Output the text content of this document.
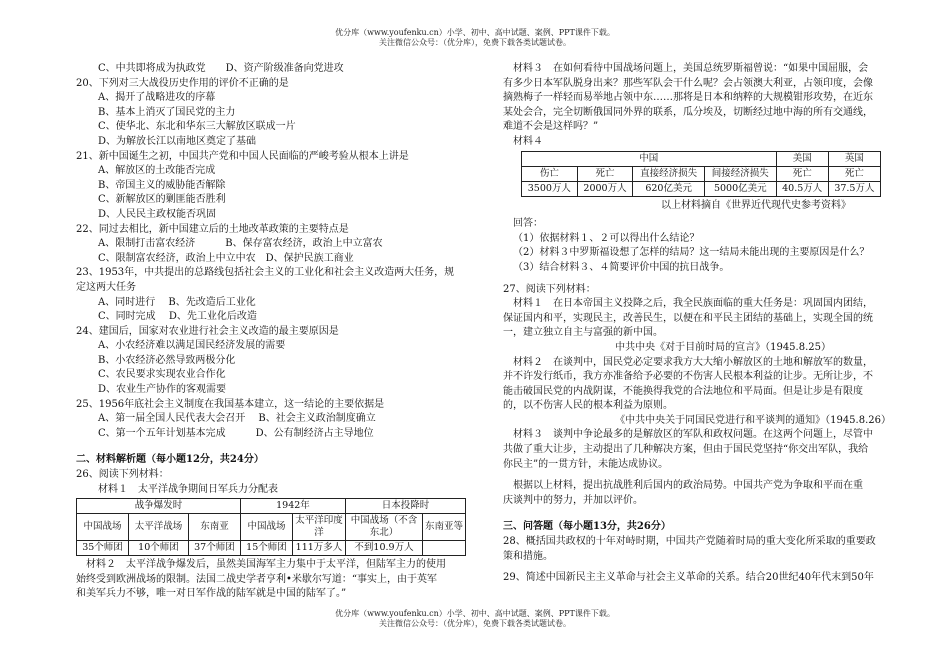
优分库（www.youfenku.cn）小学、初中、高中试题、案例、PPT课件下载。
关注微信公众号：（优分库），免费下载各类试题试卷。
C、中共即将成为执政党　　D、资产阶级准备向党进攻
20、下列对三大战役历史作用的评价不正确的是
A、揭开了战略进攻的序幕
B、基本上消灭了国民党的主力
C、使华北、东北和华东三大解放区联成一片
D、为解放长江以南地区奠定了基础
21、新中国诞生之初，中国共产党和中国人民面临的严峻考验从根本上讲是
A、解放区的土改能否完成
B、帝国主义的威胁能否解除
C、新解放区的剿匪能否胜利
D、人民民主政权能否巩固
22、同过去相比，新中国建立后的土地改革政策的主要特点是
A、限制打击富农经济　　　B、保存富农经济，政治上中立富农
C、限制富农经济，政治上中立中农　D、保护民族工商业
23、1953年，中共提出的总路线包括社会主义的工业化和社会主义改造两大任务，规
定这两大任务
A、同时进行　 B、先改造后工业化
C、同时完成　 D、先工业化后改造
24、建国后，国家对农业进行社会主义改造的最主要原因是
A、小农经济难以满足国民经济发展的需要
B、小农经济必然导致两极分化
C、农民要求实现农业合作化
D、农业生产协作的客观需要
25、1956年底社会主义制度在我国基本建立，这一结论的主要依据是
A、第一届全国人民代表大会召开　 B、社会主义政治制度确立
C、第一个五年计划基本完成　　　D、公有制经济占主导地位
二、材料解析题（每小题12分，共24分）
26、阅读下列材料：
材料１　太平洋战争期间日军兵力分配表
战争爆发时			1942年		日本投降时	
中国战场	太平洋战场	东南亚	中国战场	太平洋印度洋	中国战场（不含东北）	东南亚等
35个师团	10个师团	37个师团	15个师团	111万多人	不到10.9万人	
材料２　太平洋战争爆发后，虽然美国海军主力集中于太平洋，但陆军主力的使用
始终受到欧洲战场的限制。法国二战史学者亨利•米歇尔写道：“事实上，由于英军
和美军兵力不够，唯一对日军作战的陆军就是中国的陆军了。”
材料３　在如何看待中国战场问题上，美国总统罗斯福曾说：“如果中国屈服，会
有多少日本军队脱身出来？那些军队会干什么呢？会占领澳大利亚，占领印度，会像
摘熟梅子一样轻而易举地占领中东……那将是日本和纳粹的大规模钳形攻势，在近东
某处会合，完全切断俄国同外界的联系，瓜分埃及，切断经过地中海的所有交通线，
难道不会是这样吗？”
材料４
中国				美国	英国
伤亡	死亡	直接经济损失	间接经济损失	死亡	死亡
3500万人	2000万人	620亿美元	5000亿美元	40.5万人	37.5万人
以上材料摘自《世界近代现代史参考资料》
回答：
（1）依据材料１、２可以得出什么结论？
（2）材料３中罗斯福设想了怎样的结局？这一结局未能出现的主要原因是什么？
（3）结合材料３、４简要评价中国的抗日战争。
27、阅读下列材料：
材料１　在日本帝国主义投降之后，我全民族面临的重大任务是：巩固国内团结，
保证国内和平，实现民主，改善民生，以便在和平民主团结的基础上，实现全国的统
一，建立独立自主与富强的新中国。
中共中央《对于目前时局的宣言》（1945.8.25）
材料２　在谈判中，国民党必定要求我方大大缩小解放区的土地和解放军的数量，
并不许发行纸币，我方亦准备给予必要的不伤害人民根本利益的让步。无所让步，不
能击破国民党的内战阴谋，不能换得我党的合法地位和平局面。但是让步是有限度
的，以不伤害人民的根本利益为原则。
《中共中央关于同国民党进行和平谈判的通知》（1945.8.26）
材料３　谈判中争论最多的是解放区的军队和政权问题。在这两个问题上，尽管中
共做了重大让步，主动提出了几种解决方案，但由于国民党坚持“你交出军队，我给
你民主”的一贯方针，未能达成协议。
根据以上材料，提出抗战胜利后国内的政治局势。中国共产党为争取和平而在重
庆谈判中的努力，并加以评价。
三、问答题（每小题13分，共26分）
28、概括国共政权的十年对峙时期，中国共产党随着时局的重大变化所采取的重要政
策和措施。
29、简述中国新民主主义革命与社会主义革命的关系。结合20世纪40年代末到50年
优分库（www.youfenku.cn）小学、初中、高中试题、案例、PPT课件下载。
关注微信公众号：（优分库），免费下载各类试题试卷。
